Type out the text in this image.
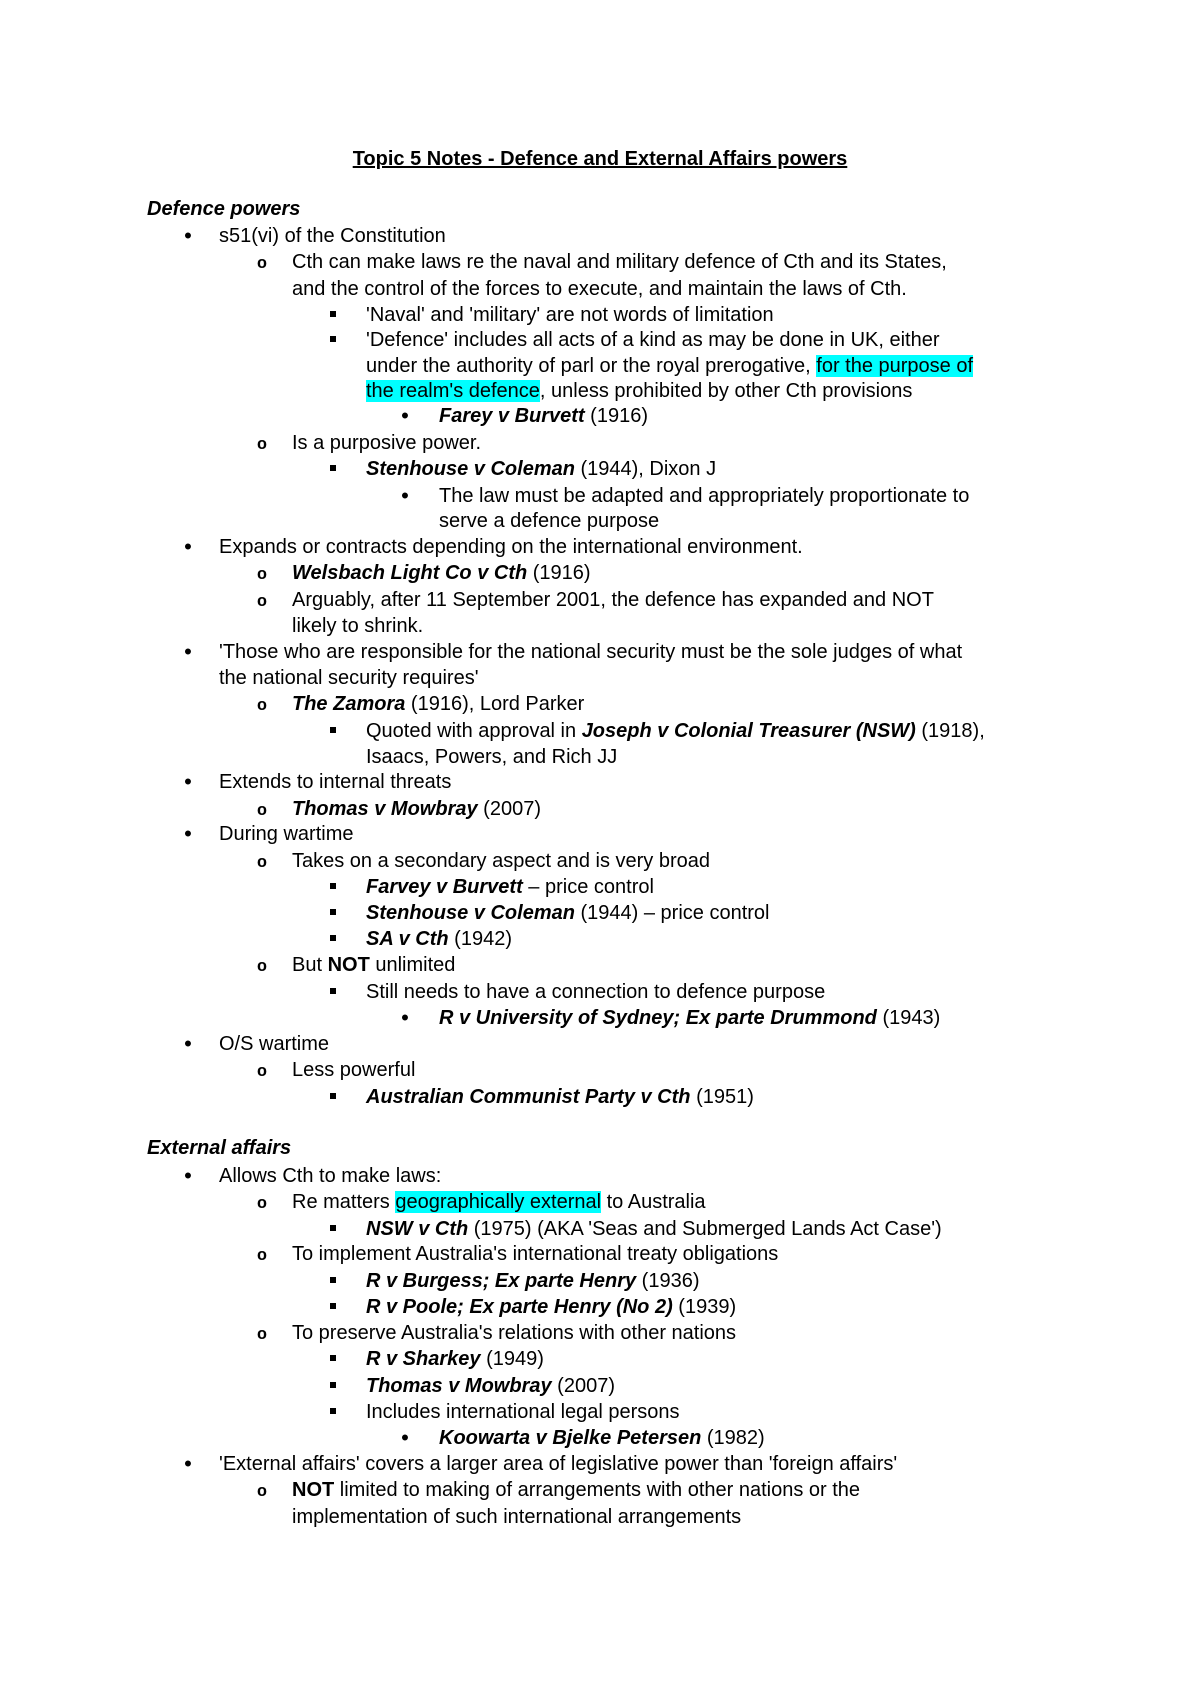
Topic 5 Notes - Defence and External Affairs powers
Defence powers
•
s51(vi) of the Constitution
o
Cth can make laws re the naval and military defence of Cth and its States,
and the control of the forces to execute, and maintain the laws of Cth.
'Naval' and 'military' are not words of limitation
'Defence' includes all acts of a kind as may be done in UK, either
under the authority of parl or the royal prerogative, for the purpose of
the realm's defence, unless prohibited by other Cth provisions
•
Farey v Burvett (1916)
o
Is a purposive power.
Stenhouse v Coleman (1944), Dixon J
•
The law must be adapted and appropriately proportionate to
serve a defence purpose
•
Expands or contracts depending on the international environment.
o
Welsbach Light Co v Cth (1916)
o
Arguably, after 11 September 2001, the defence has expanded and NOT
likely to shrink.
•
'Those who are responsible for the national security must be the sole judges of what
the national security requires'
o
The Zamora (1916), Lord Parker
Quoted with approval in Joseph v Colonial Treasurer (NSW) (1918),
Isaacs, Powers, and Rich JJ
•
Extends to internal threats
o
Thomas v Mowbray (2007)
•
During wartime
o
Takes on a secondary aspect and is very broad
Farvey v Burvett – price control
Stenhouse v Coleman (1944) – price control
SA v Cth (1942)
o
But NOT unlimited
Still needs to have a connection to defence purpose
•
R v University of Sydney; Ex parte Drummond (1943)
•
O/S wartime
o
Less powerful
Australian Communist Party v Cth (1951)
External affairs
•
Allows Cth to make laws:
o
Re matters geographically external to Australia
NSW v Cth (1975) (AKA 'Seas and Submerged Lands Act Case')
o
To implement Australia's international treaty obligations
R v Burgess; Ex parte Henry (1936)
R v Poole; Ex parte Henry (No 2) (1939)
o
To preserve Australia's relations with other nations
R v Sharkey (1949)
Thomas v Mowbray (2007)
Includes international legal persons
•
Koowarta v Bjelke Petersen (1982)
•
'External affairs' covers a larger area of legislative power than 'foreign affairs'
o
NOT limited to making of arrangements with other nations or the
implementation of such international arrangements
